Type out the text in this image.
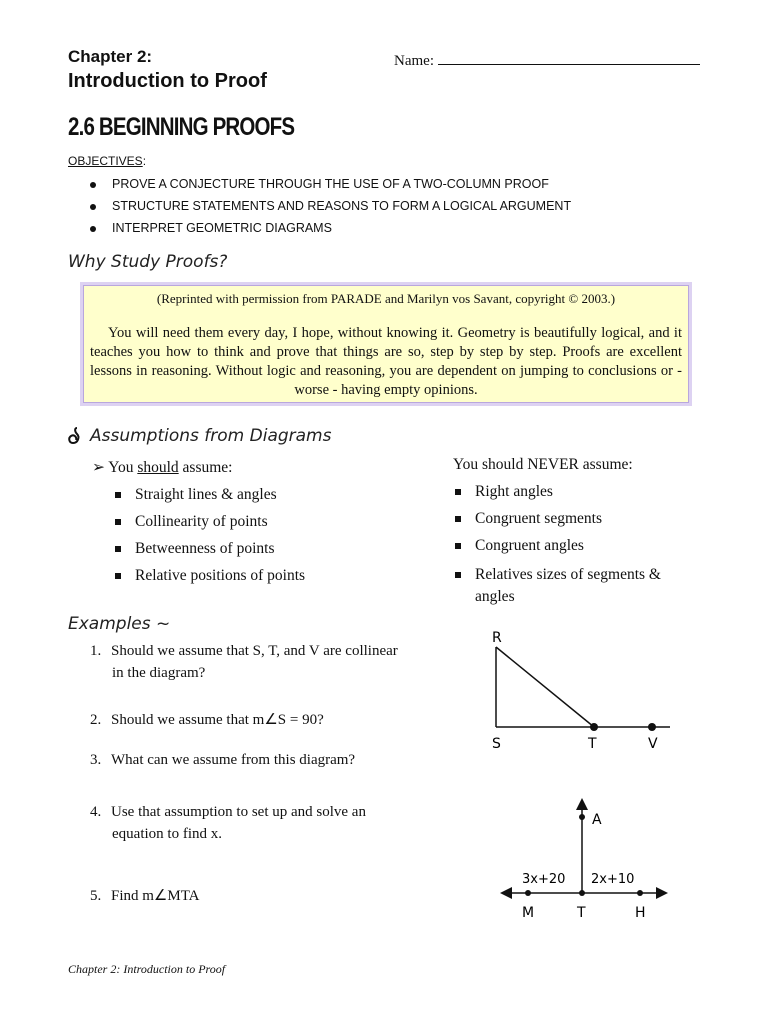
Chapter 2:
Introduction to Proof
Name:
2.6 BEGINNING PROOFS
OBJECTIVES:
PROVE A CONJECTURE THROUGH THE USE OF A TWO-COLUMN PROOF
STRUCTURE STATEMENTS AND REASONS TO FORM A LOGICAL ARGUMENT
INTERPRET GEOMETRIC DIAGRAMS
Why Study Proofs?
(Reprinted with permission from PARADE and Marilyn vos Savant, copyright © 2003.)
You will need them every day, I hope, without knowing it. Geometry is beautifully logical, and it teaches you how to think and prove that things are so, step by step by step. Proofs are excellent lessons in reasoning. Without logic and reasoning, you are dependent on jumping to conclusions or - worse - having empty opinions.
Assumptions from Diagrams
➢ You should assume:
Straight lines & angles
Collinearity of points
Betweenness of points
Relative positions of points
You should NEVER assume:
Right angles
Congruent segments
Congruent angles
Relatives sizes of segments & angles
Examples ~
1. Should we assume that S, T, and V are collinear
in the diagram?
2. Should we assume that m∠S = 90?
3. What can we assume from this diagram?
4. Use that assumption to set up and solve an
equation to find x.
5. Find m∠MTA
R
S	T	V
A
M	T	H
3x+20 2x+10
Chapter 2: Introduction to Proof
